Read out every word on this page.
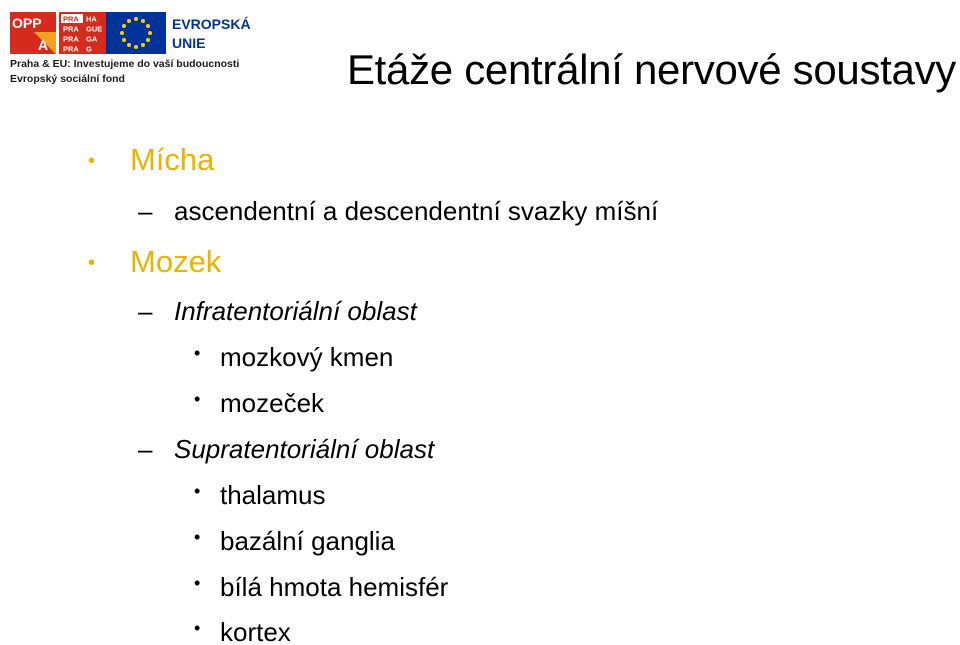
OPP
A
PRA HA
PRA GUE
PRA GA
PRA G
EVROPSKÁ
UNIE
Praha & EU: Investujeme do vaší budoucnosti
Evropský sociální fond	Etáže centrální nervové soustavy
• Mícha
– ascendentní a descendentní svazky míšní
• Mozek
– Infratentoriální oblast
• mozkový kmen
• mozeček
– Supratentoriální oblast
• thalamus
• bazální ganglia
• bílá hmota hemisfér
• kortex
